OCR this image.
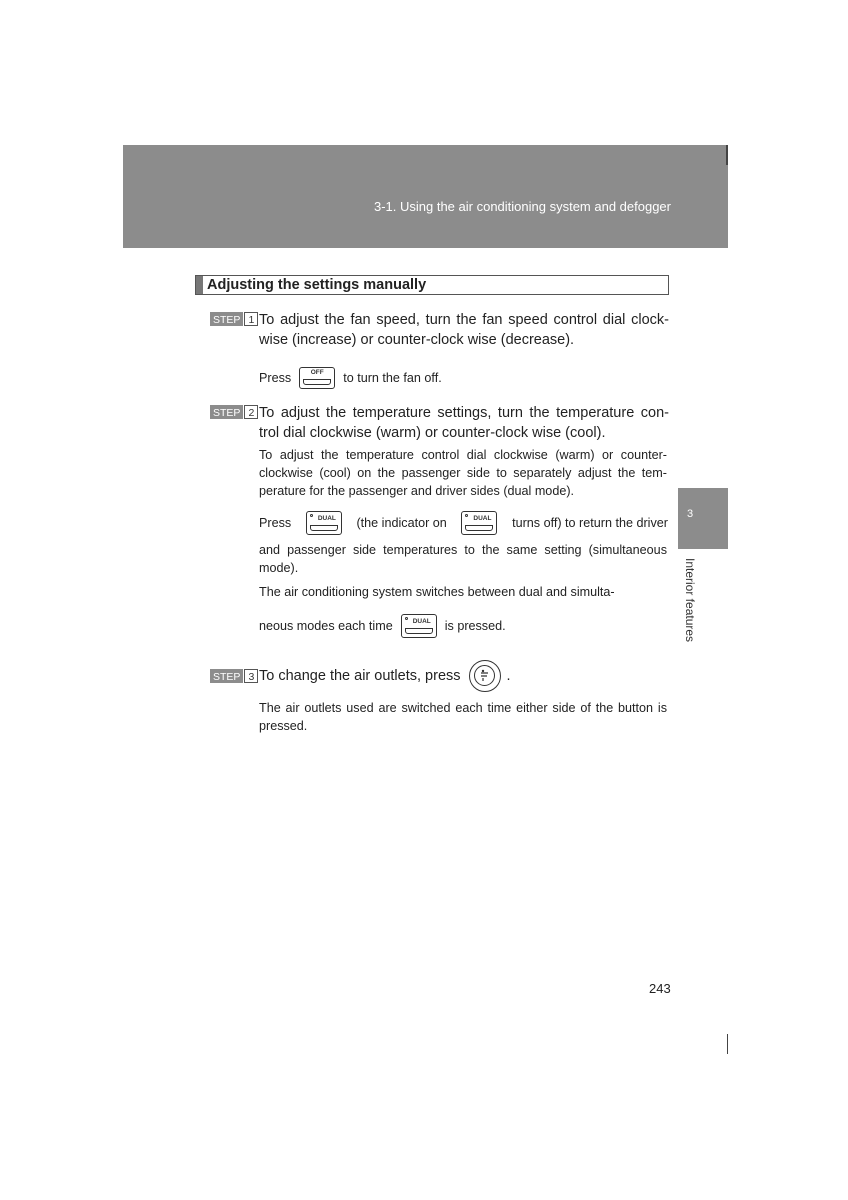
3-1. Using the air conditioning system and defogger
Adjusting the settings manually
STEP 1 To adjust the fan speed, turn the fan speed control dial clock-wise (increase) or counter-clock wise (decrease).
Press	OFF	to turn the fan off.
STEP 2 To adjust the temperature settings, turn the temperature con-trol dial clockwise (warm) or counter-clock wise (cool).
To adjust the temperature control dial clockwise (warm) or counter-clockwise (cool) on the passenger side to separately adjust the tem-perature for the passenger and driver sides (dual mode).
Press	DUAL	(the indicator on	DUAL	turns off) to return the driver
and passenger side temperatures to the same setting (simultaneous mode).
The air conditioning system switches between dual and simulta-
neous modes each time	DUAL	is pressed.
STEP 3 To change the air outlets, press	.
The air outlets used are switched each time either side of the button is pressed.
3
Interior features
243
